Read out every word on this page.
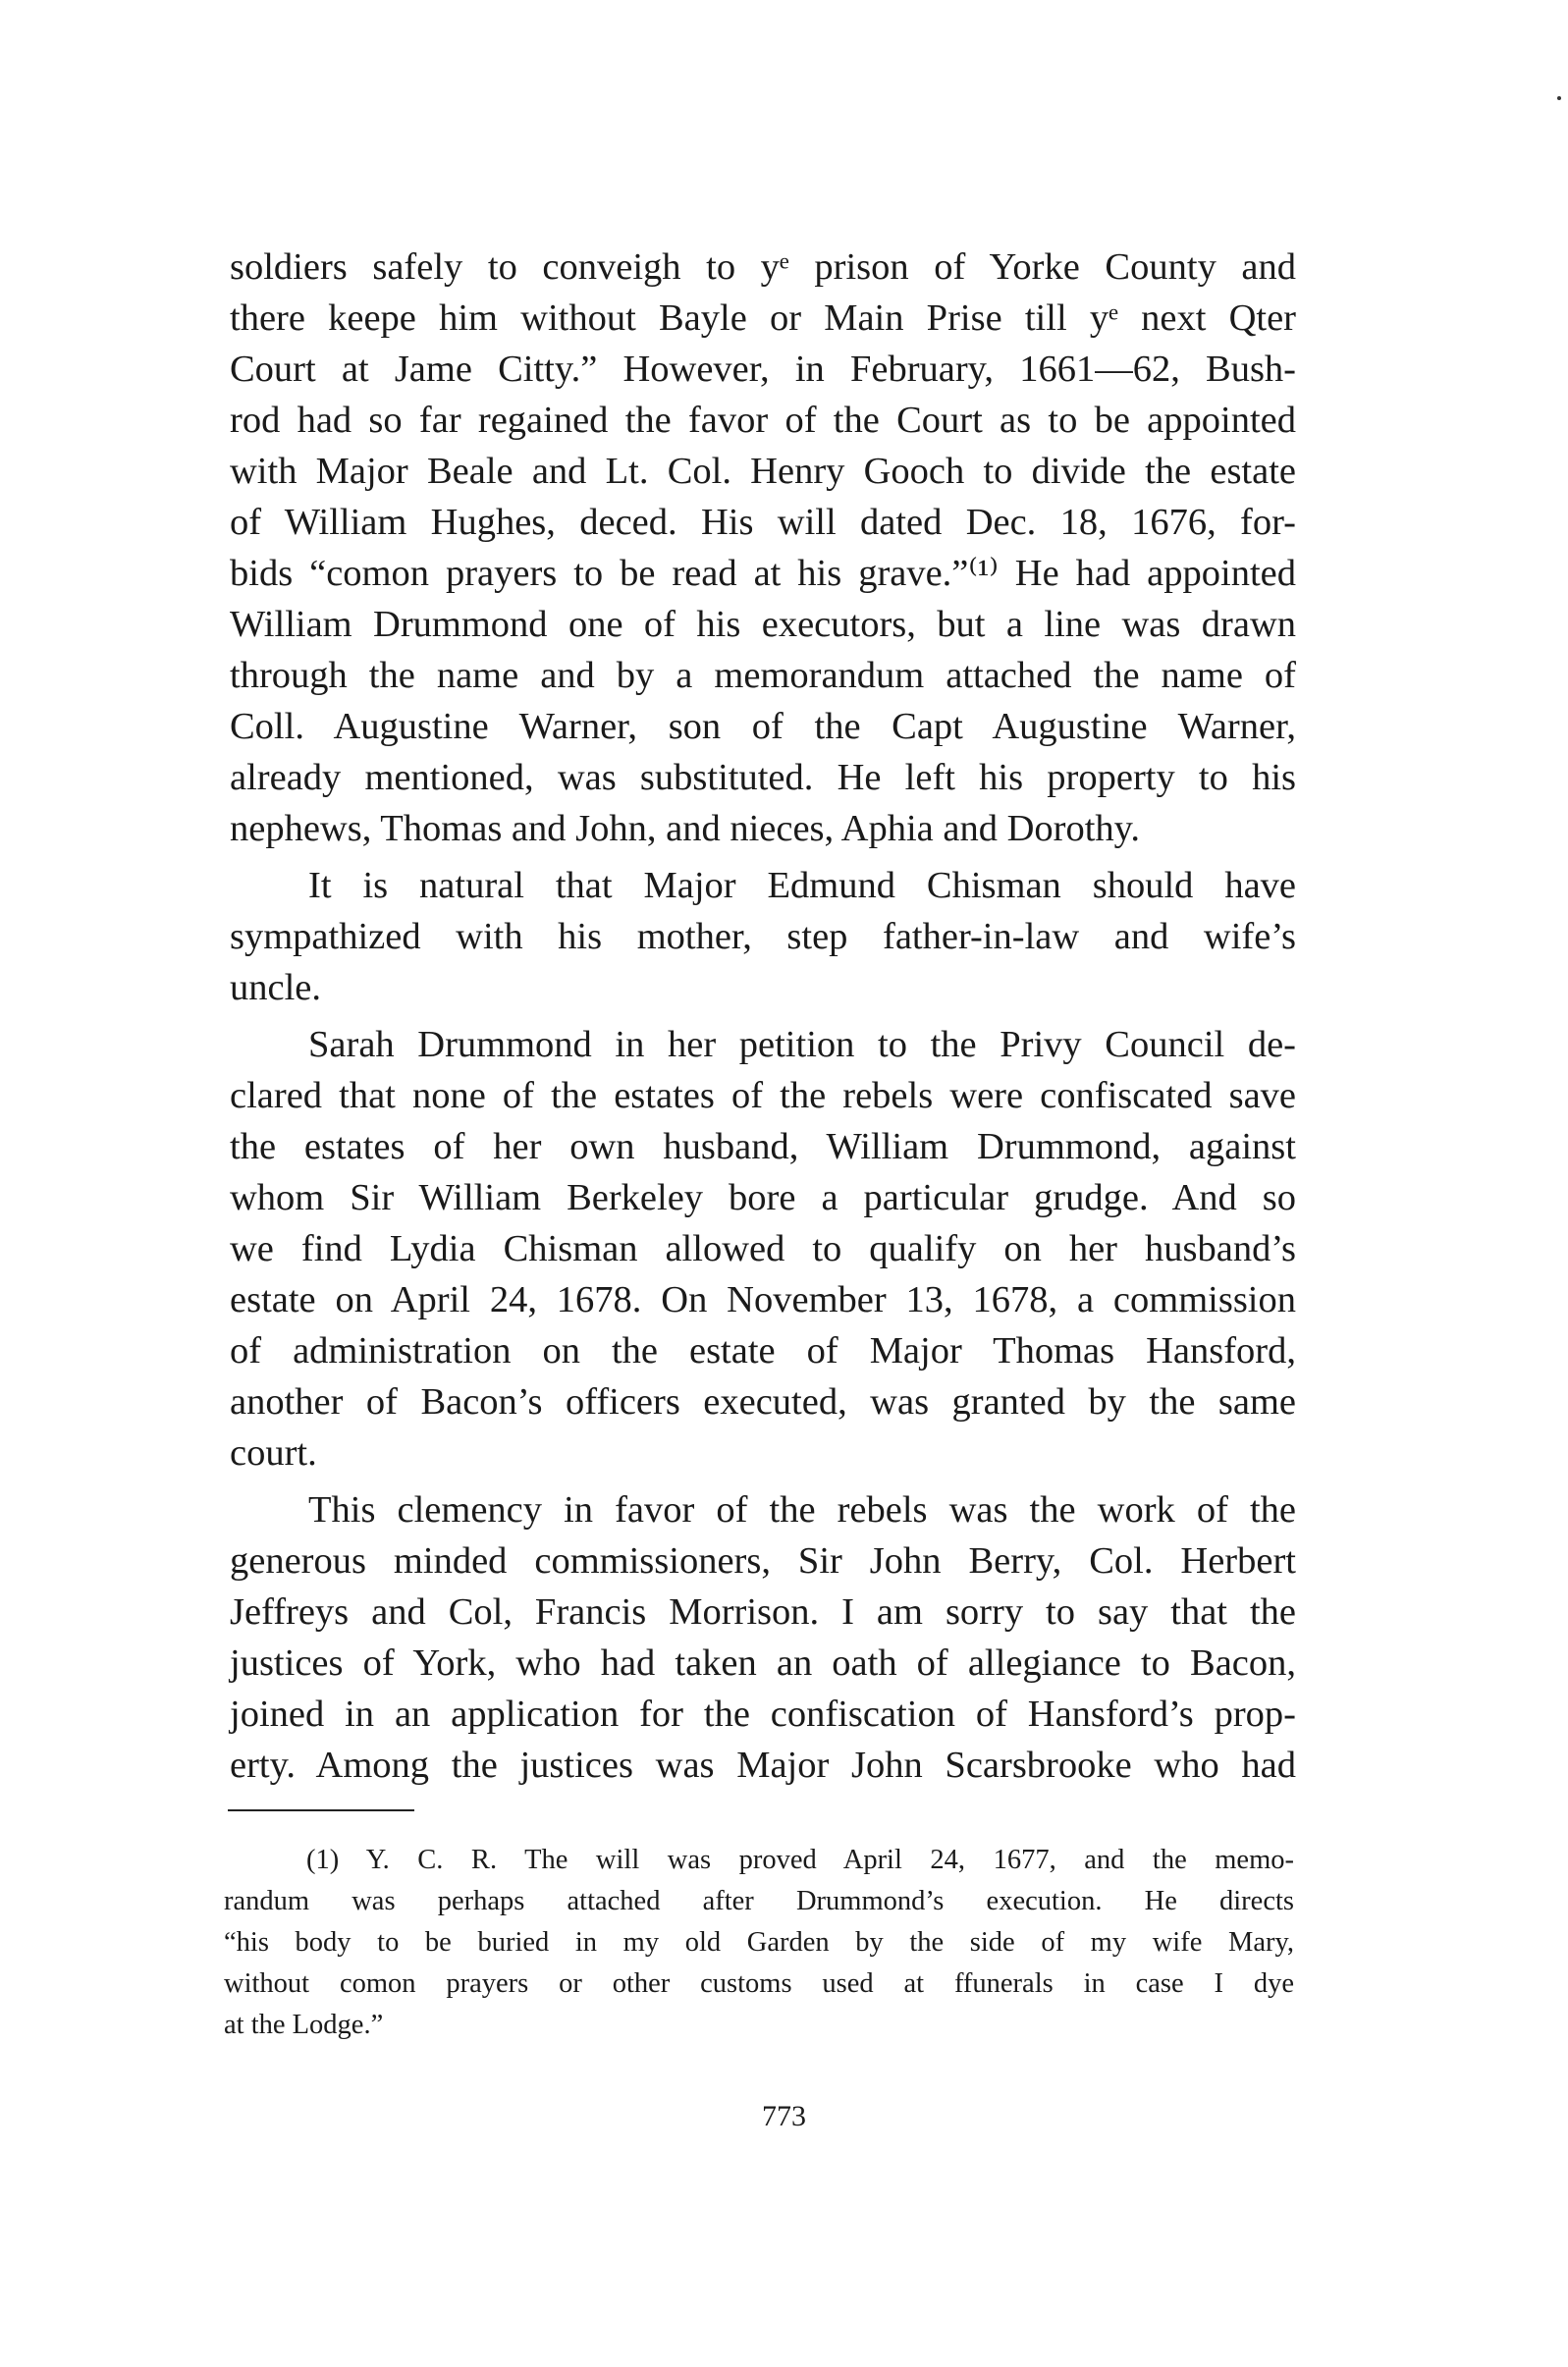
soldiers safely to conveigh to yᵉ prison of Yorke County and
there keepe him without Bayle or Main Prise till yᵉ next Qter
Court at Jame Citty.” However, in February, 1661—62, Bush-
rod had so far regained the favor of the Court as to be appointed
with Major Beale and Lt. Col. Henry Gooch to divide the estate
of William Hughes, deced. His will dated Dec. 18, 1676, for-
bids “comon prayers to be read at his grave.”⁽¹⁾ He had appointed
William Drummond one of his executors, but a line was drawn
through the name and by a memorandum attached the name of
Coll. Augustine Warner, son of the Capt Augustine Warner,
already mentioned, was substituted. He left his property to his
nephews, Thomas and John, and nieces, Aphia and Dorothy.
It is natural that Major Edmund Chisman should have
sympathized with his mother, step father-in-law and wife’s
uncle.
Sarah Drummond in her petition to the Privy Council de-
clared that none of the estates of the rebels were confiscated save
the estates of her own husband, William Drummond, against
whom Sir William Berkeley bore a particular grudge. And so
we find Lydia Chisman allowed to qualify on her husband’s
estate on April 24, 1678. On November 13, 1678, a commission
of administration on the estate of Major Thomas Hansford,
another of Bacon’s officers executed, was granted by the same
court.
This clemency in favor of the rebels was the work of the
generous minded commissioners, Sir John Berry, Col. Herbert
Jeffreys and Col, Francis Morrison. I am sorry to say that the
justices of York, who had taken an oath of allegiance to Bacon,
joined in an application for the confiscation of Hansford’s prop-
erty. Among the justices was Major John Scarsbrooke who had
(1) Y. C. R. The will was proved April 24, 1677, and the memo-
randum was perhaps attached after Drummond’s execution. He directs
“his body to be buried in my old Garden by the side of my wife Mary,
without comon prayers or other customs used at ffunerals in case I dye
at the Lodge.”
773
